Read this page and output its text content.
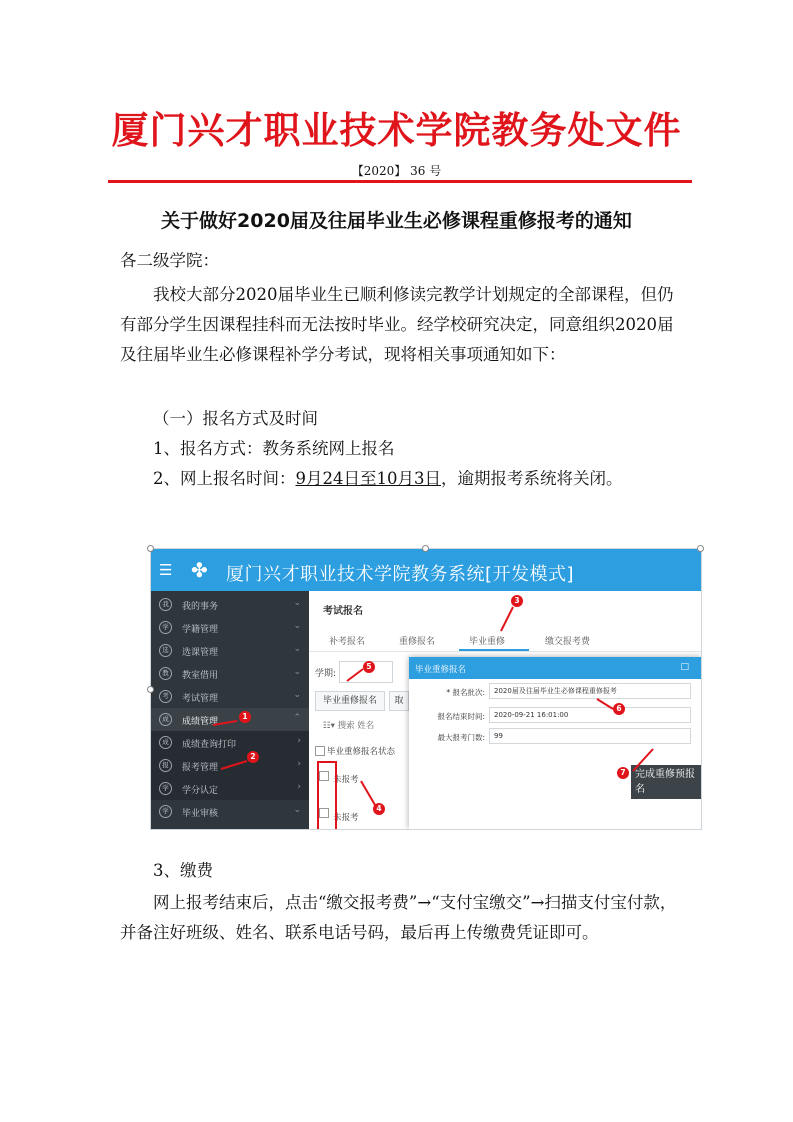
厦门兴才职业技术学院教务处文件
【2020】 36 号
关于做好2020届及往届毕业生必修课程重修报考的通知
各二级学院：
我校大部分2020届毕业生已顺利修读完教学计划规定的全部课程，但仍有部分学生因课程挂科而无法按时毕业。经学校研究决定，同意组织2020届及往届毕业生必修课程补学分考试，现将相关事项通知如下：
（一）报名方式及时间
1、报名方式：教务系统网上报名
2、网上报名时间：9月24日至10月3日，逾期报考系统将关闭。
☰ ✤ 厦门兴才职业技术学院教务系统[开发模式]
我	我的事务	⌄
学	学籍管理	⌄
选	选课管理	⌄
教	教室借用	⌄
考	考试管理	⌄
成	成绩管理	⌃
成	成绩查询打印	›
报	报考管理	›
学	学分认定	›
学	毕业审核	⌄
考试报名
补考报名	重修报名	毕业重修	缴交报考费
学期:
毕业重修报名	取
☷▾ 搜索 姓名
毕业重修报名状态
未报考
未报考
毕业重修报名	□
* 报名批次:	2020届及往届毕业生必修课程重修报考
报名结束时间:	2020-09-21 16:01:00
最大报考门数:	99
完成重修预报名
1
2
3
4
5
6
7
3、缴费
网上报考结束后，点击“缴交报考费”→“支付宝缴交”→扫描支付宝付款，并备注好班级、姓名、联系电话号码，最后再上传缴费凭证即可。
